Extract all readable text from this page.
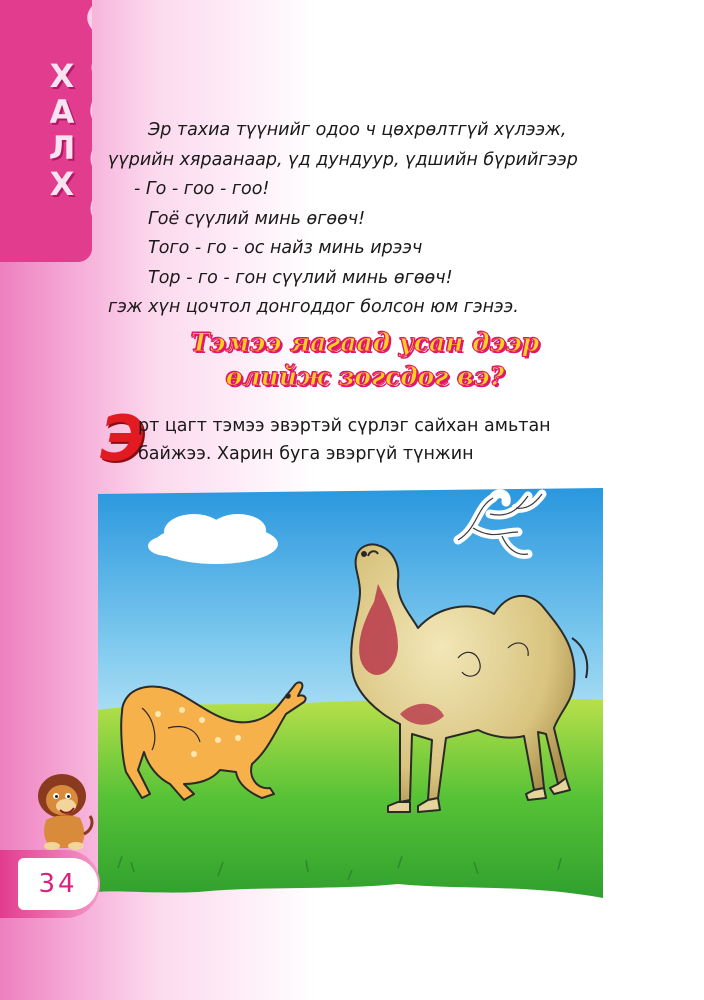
Х
А
Л
Х
Эр тахиа түүнийг одоо ч цөхрөлтгүй хүлээж,
үүрийн хяраанаар, үд дундуур, үдшийн бүрийгээр
- Го - гоо - гоо!
Гоё сүүлий минь өгөөч!
Того - го - ос найз минь ирээч
Тор - го - гон сүүлий минь өгөөч!
гэж хүн цочтол донгоддог болсон юм гэнээ.
Тэмээ яагаад усан дээр
өлийж зогсдог вэ?
Э
рт цагт тэмээ эвэртэй сүрлэг сайхан амьтан
байжээ. Харин буга эвэргүй түнжин
34
